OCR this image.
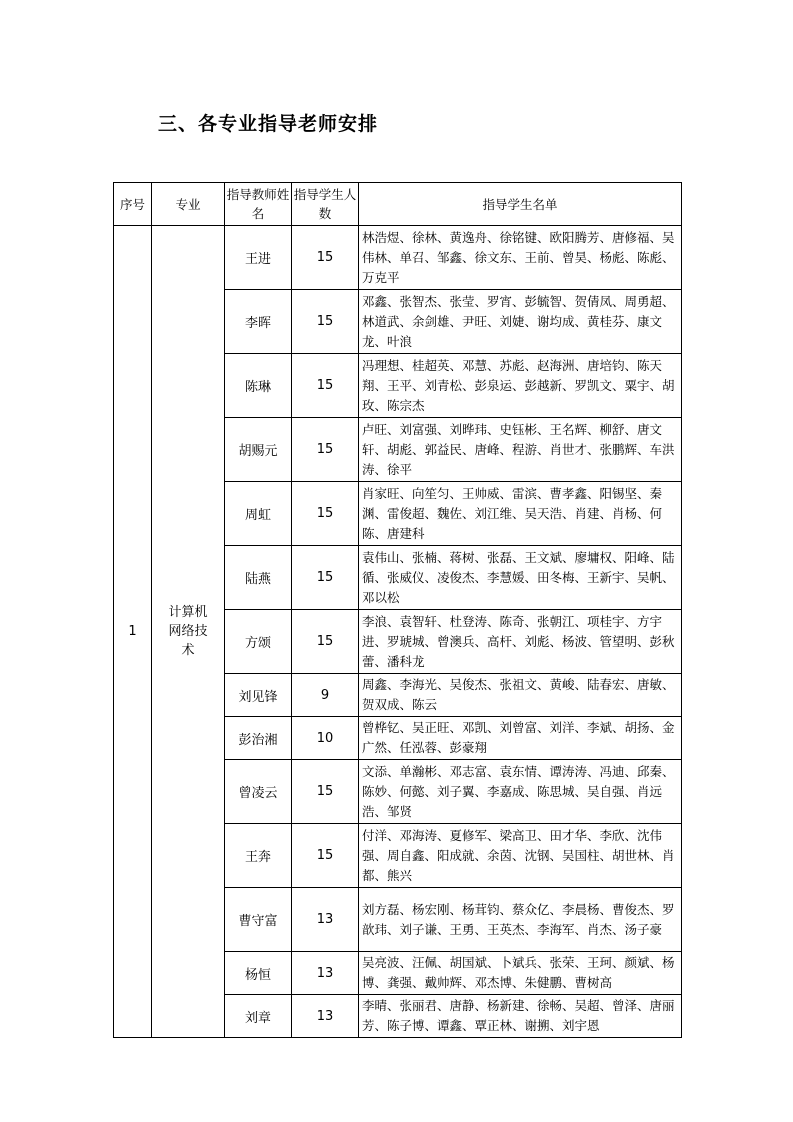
三、各专业指导老师安排
序号	专业	指导教师姓名	指导学生人数	指导学生名单
1	计算机网络技术	王进	15	林浩煜、徐林、黄逸舟、徐铭键、欧阳腾芳、唐修福、吴伟林、单召、邹鑫、徐文东、王前、曾昊、杨彪、陈彪、万克平
		李晖	15	邓鑫、张智杰、张莹、罗宵、彭毓智、贺倩凤、周勇超、林道武、余剑雄、尹旺、刘婕、谢均成、黄桂芬、康文龙、叶浪
		陈琳	15	冯理想、桂超英、邓慧、苏彪、赵海洲、唐培钧、陈天翔、王平、刘青松、彭泉运、彭越新、罗凯文、粟宇、胡玫、陈宗杰
		胡赐元	15	卢旺、刘富强、刘晔玮、史钰彬、王名辉、柳舒、唐文轩、胡彪、郭益民、唐峰、程游、肖世才、张鹏辉、车洪涛、徐平
		周虹	15	肖家旺、向笙匀、王帅威、雷滨、曹孝鑫、阳锡坚、秦渊、雷俊超、魏佐、刘江维、吴天浩、肖建、肖杨、何陈、唐建科
		陆燕	15	袁伟山、张楠、蒋树、张磊、王文斌、廖墉权、阳峰、陆循、张威仪、凌俊杰、李慧媛、田冬梅、王新宇、吴帆、邓以松
		方颂	15	李浪、袁智轩、杜登涛、陈奇、张朝江、项桂宇、方宇进、罗琥城、曾澳兵、高杆、刘彪、杨波、管望明、彭秋蕾、潘科龙
		刘见锋	9	周鑫、李海光、吴俊杰、张祖文、黄峻、陆春宏、唐敏、贺双成、陈云
		彭治湘	10	曾桦钇、吴正旺、邓凯、刘曾富、刘洋、李斌、胡扬、金广然、任泓蓉、彭豪翔
		曾凌云	15	文添、单瀚彬、邓志富、袁东情、谭涛涛、冯迪、邱秦、陈妙、何懿、刘子翼、李嘉成、陈思城、吴自强、肖远浩、邹贤
		王奔	15	付洋、邓海涛、夏修军、梁高卫、田才华、李欣、沈伟强、周自鑫、阳成就、余茵、沈钢、吴国柱、胡世林、肖都、熊兴
		曹守富	13	刘方磊、杨宏刚、杨茸钧、蔡众亿、李晨杨、曹俊杰、罗歆玮、刘子谦、王勇、王英杰、李海军、肖杰、汤子豪
		杨恒	13	吴亮波、汪佩、胡国斌、卜斌兵、张荣、王珂、颜斌、杨博、龚强、戴帅辉、邓杰博、朱健鹏、曹树高
		刘章	13	李晴、张丽君、唐静、杨新建、徐畅、吴超、曾泽、唐丽芳、陈子博、谭鑫、覃正林、谢搠、刘宇恩
